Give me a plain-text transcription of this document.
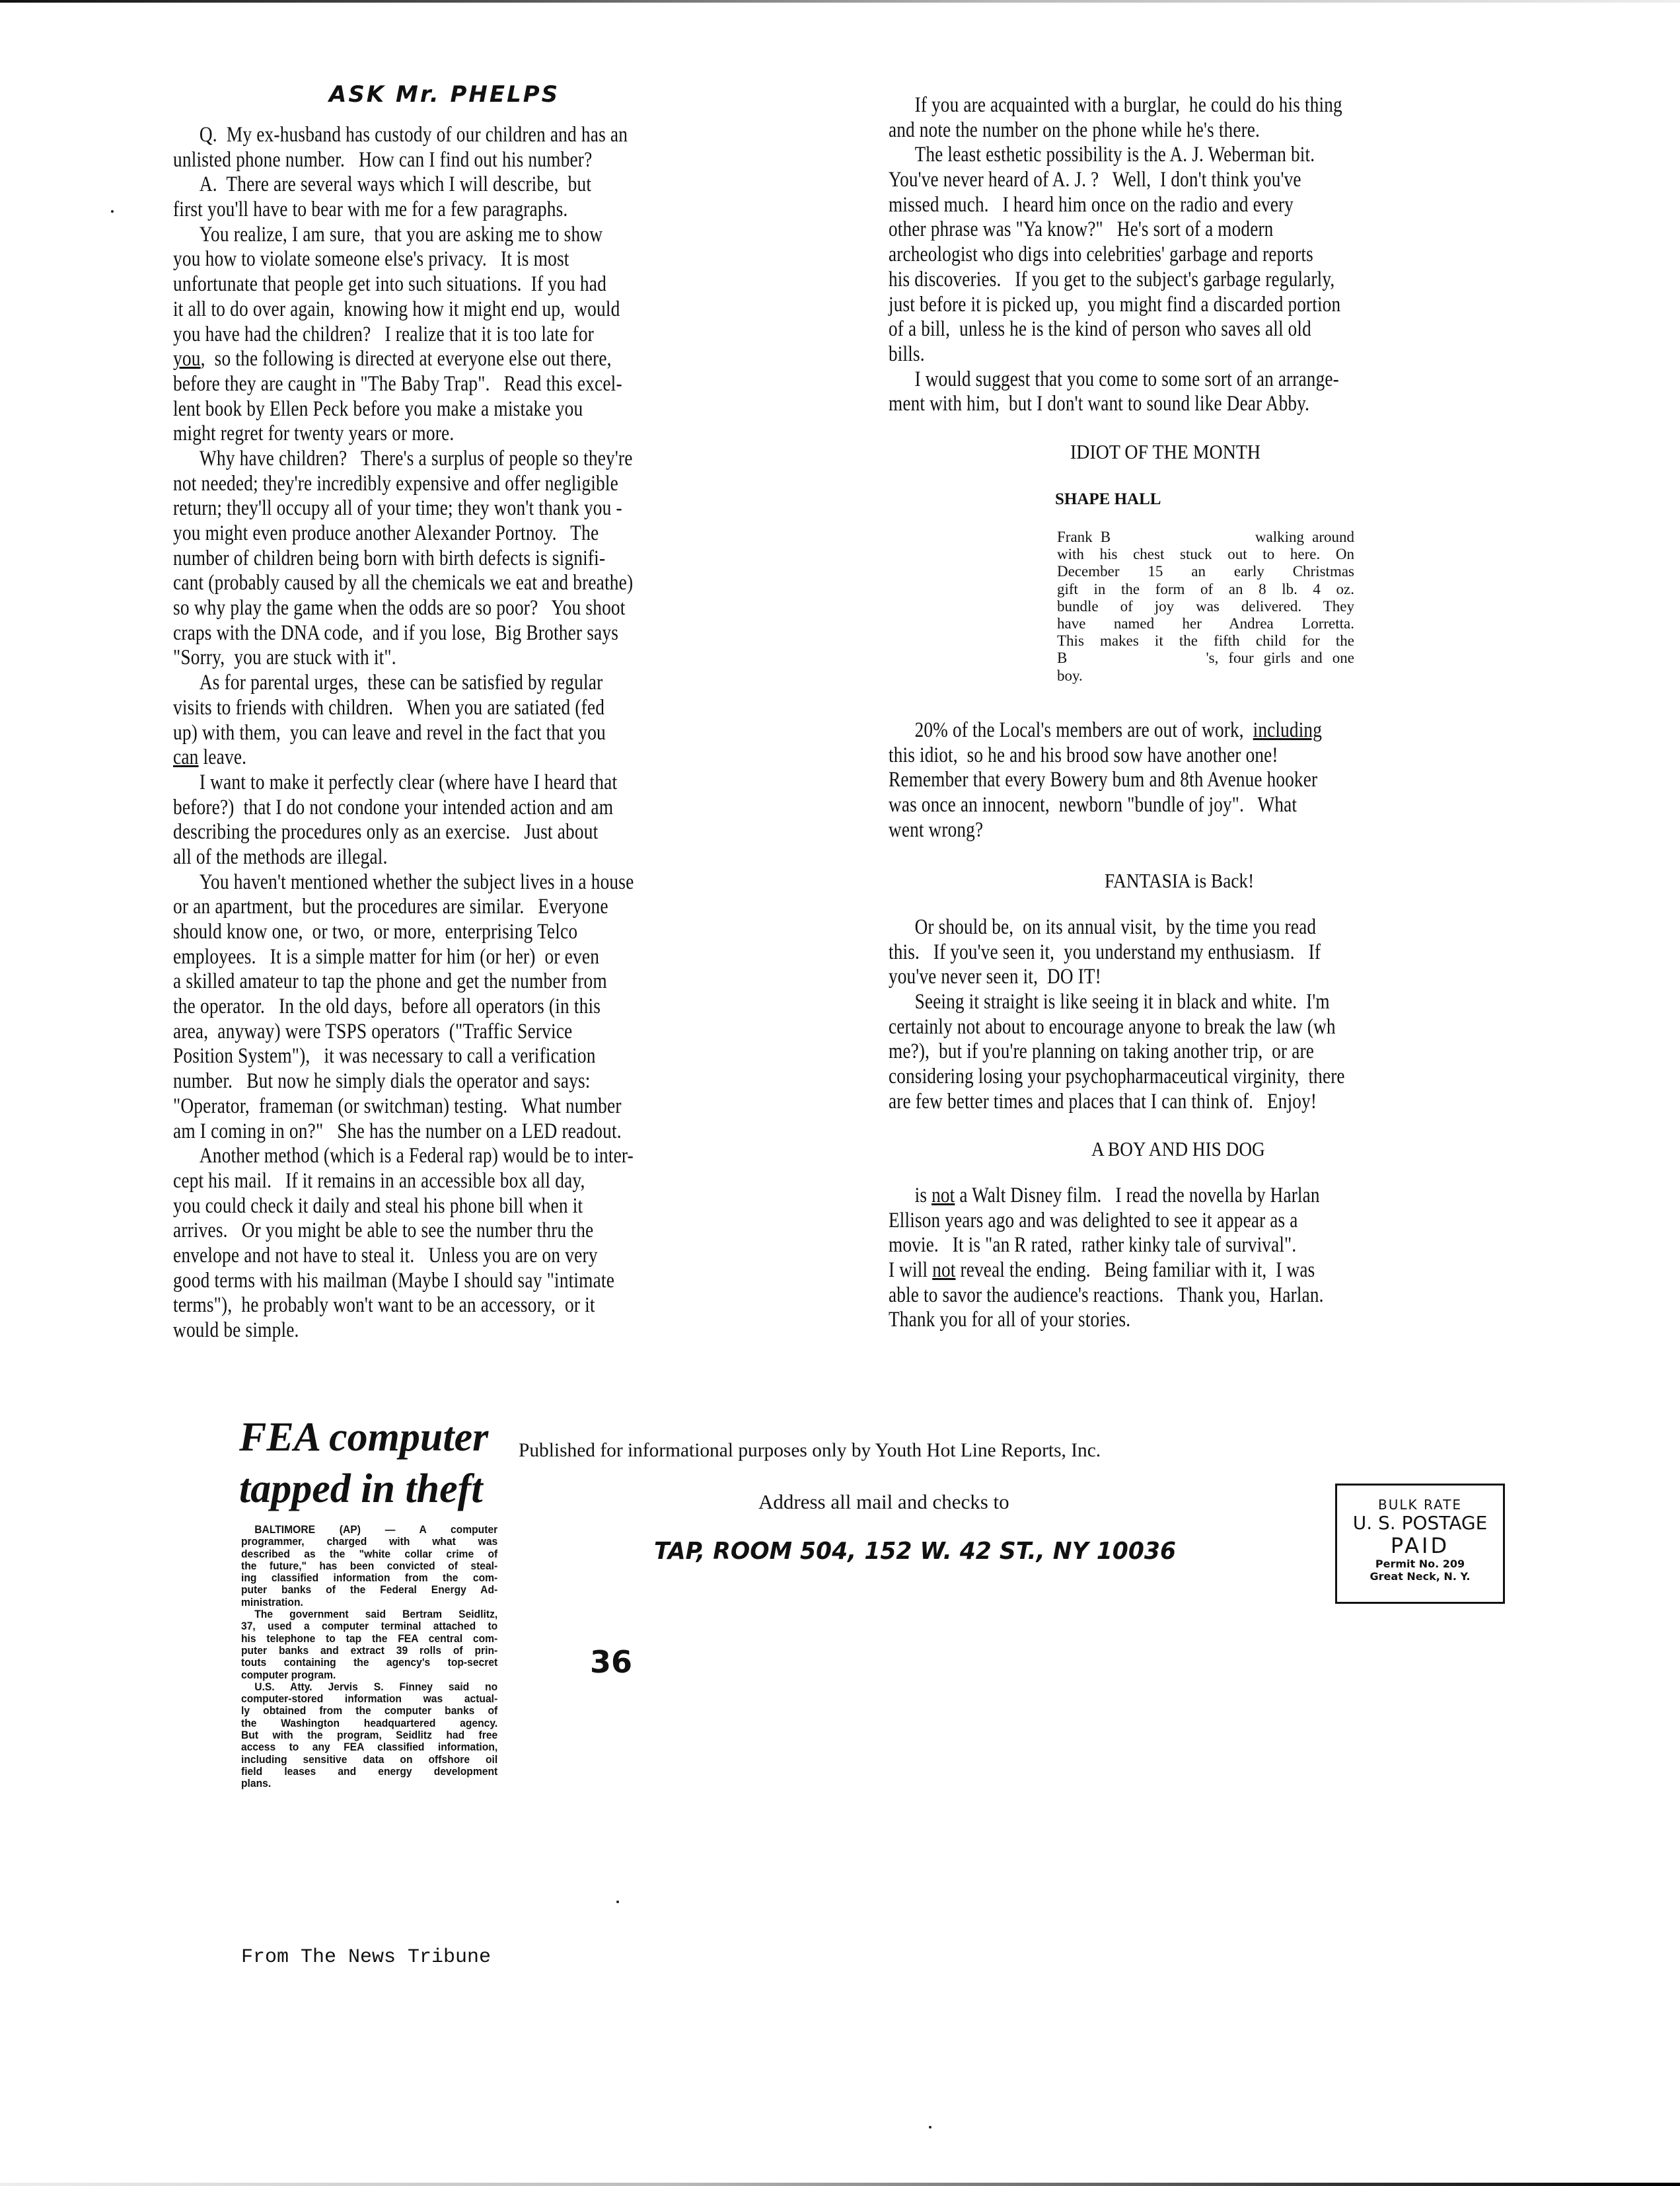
ASK Mr. PHELPS
Q.  My ex-husband has custody of our children and has an
unlisted phone number.   How can I find out his number?
A.  There are several ways which I will describe,  but
first you'll have to bear with me for a few paragraphs.
You realize, I am sure,  that you are asking me to show
you how to violate someone else's privacy.   It is most
unfortunate that people get into such situations.  If you had
it all to do over again,  knowing how it might end up,  would
you have had the children?   I realize that it is too late for
you,  so the following is directed at everyone else out there,
before they are caught in "The Baby Trap".   Read this excel-
lent book by Ellen Peck before you make a mistake you
might regret for twenty years or more.
Why have children?   There's a surplus of people so they're
not needed; they're incredibly expensive and offer negligible
return; they'll occupy all of your time; they won't thank you -
you might even produce another Alexander Portnoy.   The
number of children being born with birth defects is signifi-
cant (probably caused by all the chemicals we eat and breathe)
so why play the game when the odds are so poor?   You shoot
craps with the DNA code,  and if you lose,  Big Brother says
"Sorry,  you are stuck with it".
As for parental urges,  these can be satisfied by regular
visits to friends with children.   When you are satiated (fed
up) with them,  you can leave and revel in the fact that you
can leave.
I want to make it perfectly clear (where have I heard that
before?)  that I do not condone your intended action and am
describing the procedures only as an exercise.   Just about
all of the methods are illegal.
You haven't mentioned whether the subject lives in a house
or an apartment,  but the procedures are similar.   Everyone
should know one,  or two,  or more,  enterprising Telco
employees.   It is a simple matter for him (or her)  or even
a skilled amateur to tap the phone and get the number from
the operator.   In the old days,  before all operators (in this
area,  anyway) were TSPS operators  ("Traffic Service
Position System"),   it was necessary to call a verification
number.   But now he simply dials the operator and says:
"Operator,  frameman (or switchman) testing.   What number
am I coming in on?"   She has the number on a LED readout.
Another method (which is a Federal rap) would be to inter-
cept his mail.   If it remains in an accessible box all day,
you could check it daily and steal his phone bill when it
arrives.   Or you might be able to see the number thru the
envelope and not have to steal it.   Unless you are on very
good terms with his mailman (Maybe I should say "intimate
terms"),  he probably won't want to be an accessory,  or it
would be simple.
If you are acquainted with a burglar,  he could do his thing
and note the number on the phone while he's there.
The least esthetic possibility is the A. J. Weberman bit.
You've never heard of A. J. ?   Well,  I don't think you've
missed much.   I heard him once on the radio and every
other phrase was "Ya know?"   He's sort of a modern
archeologist who digs into celebrities' garbage and reports
his discoveries.   If you get to the subject's garbage regularly,
just before it is picked up,  you might find a discarded portion
of a bill,  unless he is the kind of person who saves all old
bills.
I would suggest that you come to some sort of an arrange-
ment with him,  but I don't want to sound like Dear Abby.
IDIOT OF THE MONTH
SHAPE HALL
Frank B                  walking around
with his chest stuck out to here. On
December 15 an early Christmas
gift in the form of an 8 lb. 4 oz.
bundle of joy was delivered. They
have named her Andrea Lorretta.
This makes it the fifth child for the
B              's, four girls and one
boy.
20% of the Local's members are out of work,  including
this idiot,  so he and his brood sow have another one!
Remember that every Bowery bum and 8th Avenue hooker
was once an innocent,  newborn "bundle of joy".   What
went wrong?
FANTASIA is Back!
Or should be,  on its annual visit,  by the time you read
this.   If you've seen it,  you understand my enthusiasm.   If
you've never seen it,  DO IT!
Seeing it straight is like seeing it in black and white.  I'm
certainly not about to encourage anyone to break the law (wh
me?),  but if you're planning on taking another trip,  or are
considering losing your psychopharmaceutical virginity,  there
are few better times and places that I can think of.   Enjoy!
A BOY AND HIS DOG
is not a Walt Disney film.   I read the novella by Harlan
Ellison years ago and was delighted to see it appear as a
movie.   It is "an R rated,  rather kinky tale of survival".
I will not reveal the ending.   Being familiar with it,  I was
able to savor the audience's reactions.   Thank you,  Harlan.
Thank you for all of your stories.
FEA computer
tapped in theft
BALTIMORE (AP) — A computer
programmer, charged with what was
described as the "white collar crime of
the future," has been convicted of steal-
ing classified information from the com-
puter banks of the Federal Energy Ad-
ministration.
The government said Bertram Seidlitz,
37, used a computer terminal attached to
his telephone to tap the FEA central com-
puter banks and extract 39 rolls of prin-
touts containing the agency's top-secret
computer program.
U.S. Atty. Jervis S. Finney said no
computer-stored information was actual-
ly obtained from the computer banks of
the Washington headquartered agency.
But with the program, Seidlitz had free
access to any FEA classified information,
including sensitive data on offshore oil
field leases and energy development
plans.
From The News Tribune
Published for informational purposes only by Youth Hot Line Reports, Inc.
Address all mail and checks to
TAP, ROOM 504, 152 W. 42 ST., NY 10036
36
BULK RATE
U. S. POSTAGE
PAID
Permit No. 209
Great Neck, N. Y.
